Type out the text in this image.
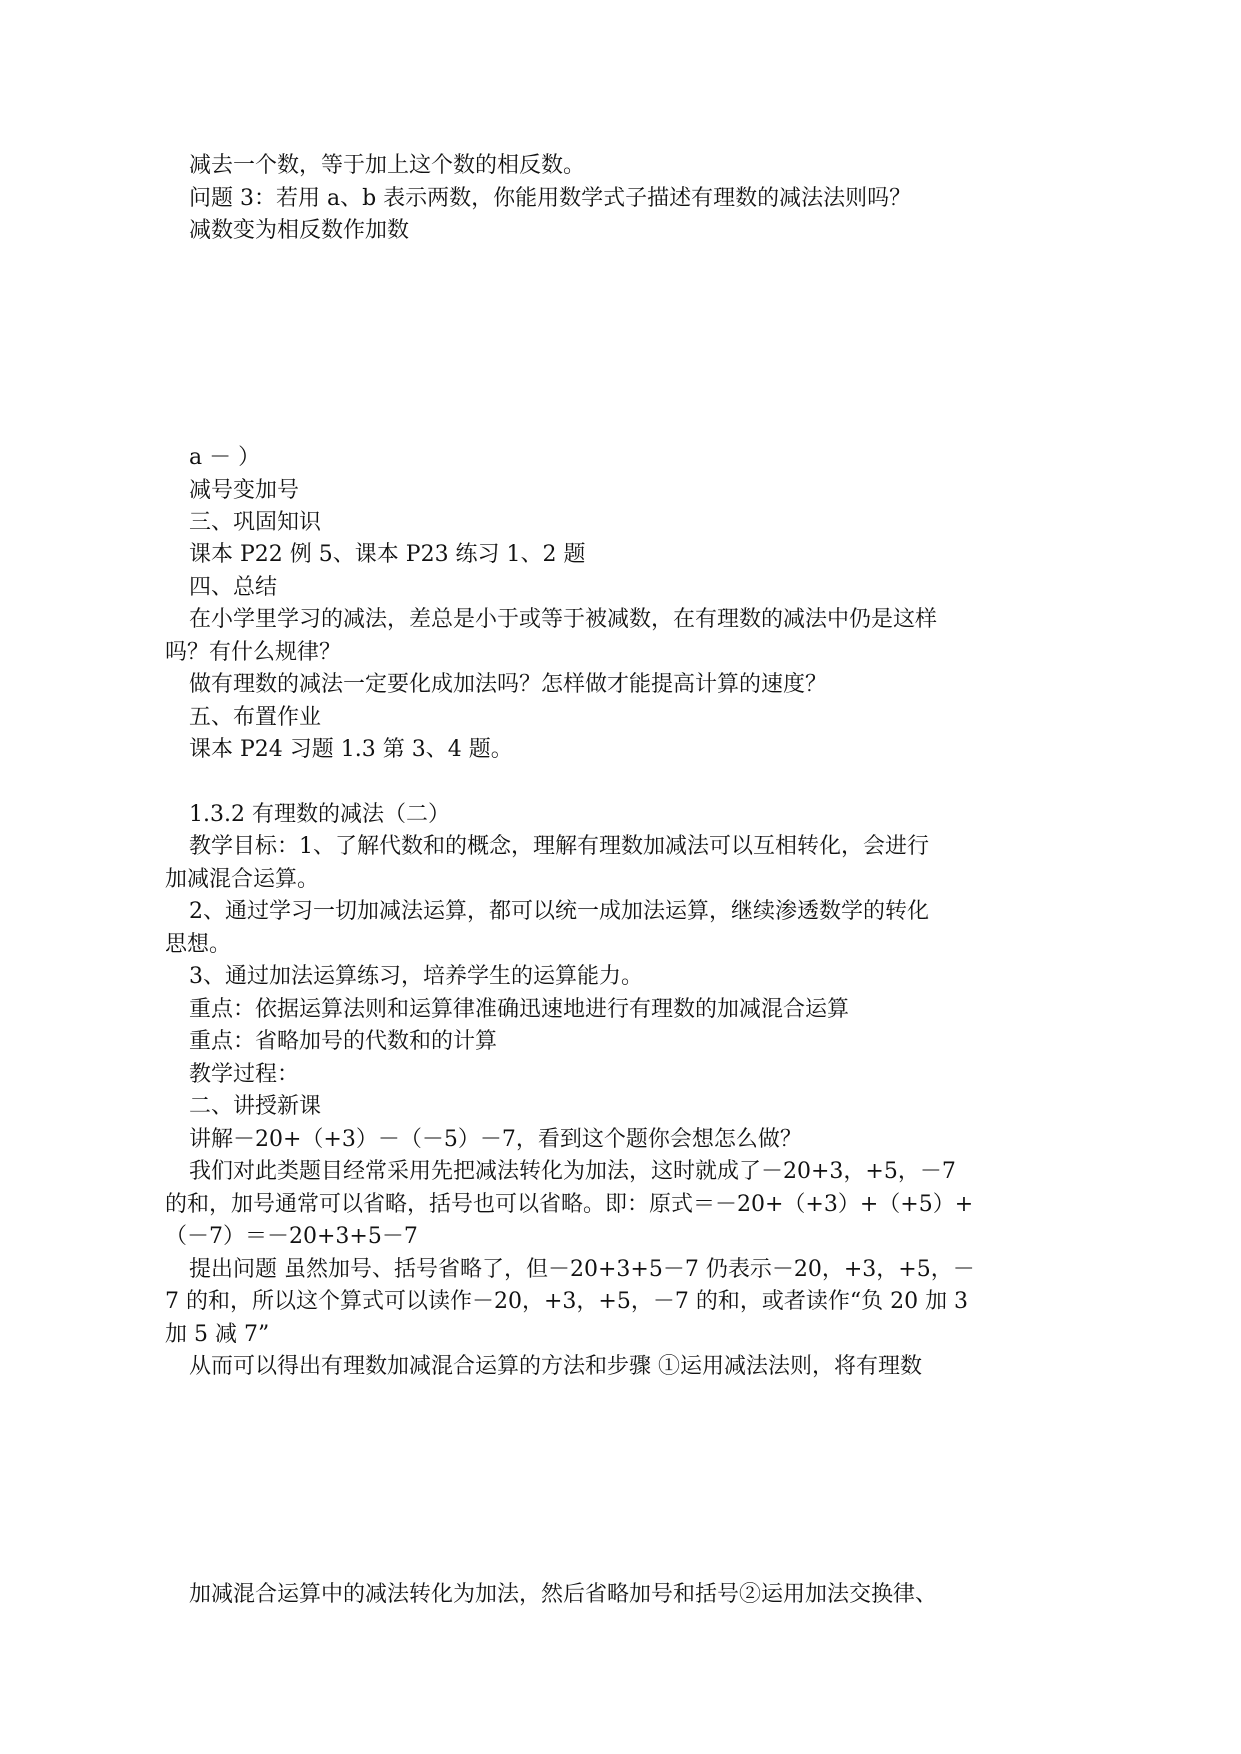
减去一个数，等于加上这个数的相反数。
问题 3：若用 a、b 表示两数，你能用数学式子描述有理数的减法法则吗？
减数变为相反数作加数
a － ）
减号变加号
三、巩固知识
课本 P22 例 5、课本 P23 练习 1、2 题
四、总结
在小学里学习的减法，差总是小于或等于被减数，在有理数的减法中仍是这样
吗？有什么规律？
做有理数的减法一定要化成加法吗？怎样做才能提高计算的速度？
五、布置作业
课本 P24 习题 1.3 第 3、4 题。
1.3.2 有理数的减法（二）
教学目标：1、了解代数和的概念，理解有理数加减法可以互相转化，会进行
加减混合运算。
2、通过学习一切加减法运算，都可以统一成加法运算，继续渗透数学的转化
思想。
3、通过加法运算练习，培养学生的运算能力。
重点：依据运算法则和运算律准确迅速地进行有理数的加减混合运算
重点：省略加号的代数和的计算
教学过程：
二、讲授新课
讲解－20+（+3）－（－5）－7，看到这个题你会想怎么做？
我们对此类题目经常采用先把减法转化为加法，这时就成了－20+3，+5，－7
的和，加号通常可以省略，括号也可以省略。即：原式＝－20+（+3）+（+5）+
（－7）＝－20+3+5－7
提出问题 虽然加号、括号省略了，但－20+3+5－7 仍表示－20，+3，+5，－
7 的和，所以这个算式可以读作－20，+3，+5，－7 的和，或者读作“负 20 加 3
加 5 减 7”
从而可以得出有理数加减混合运算的方法和步骤 ①运用减法法则，将有理数
加减混合运算中的减法转化为加法，然后省略加号和括号②运用加法交换律、
